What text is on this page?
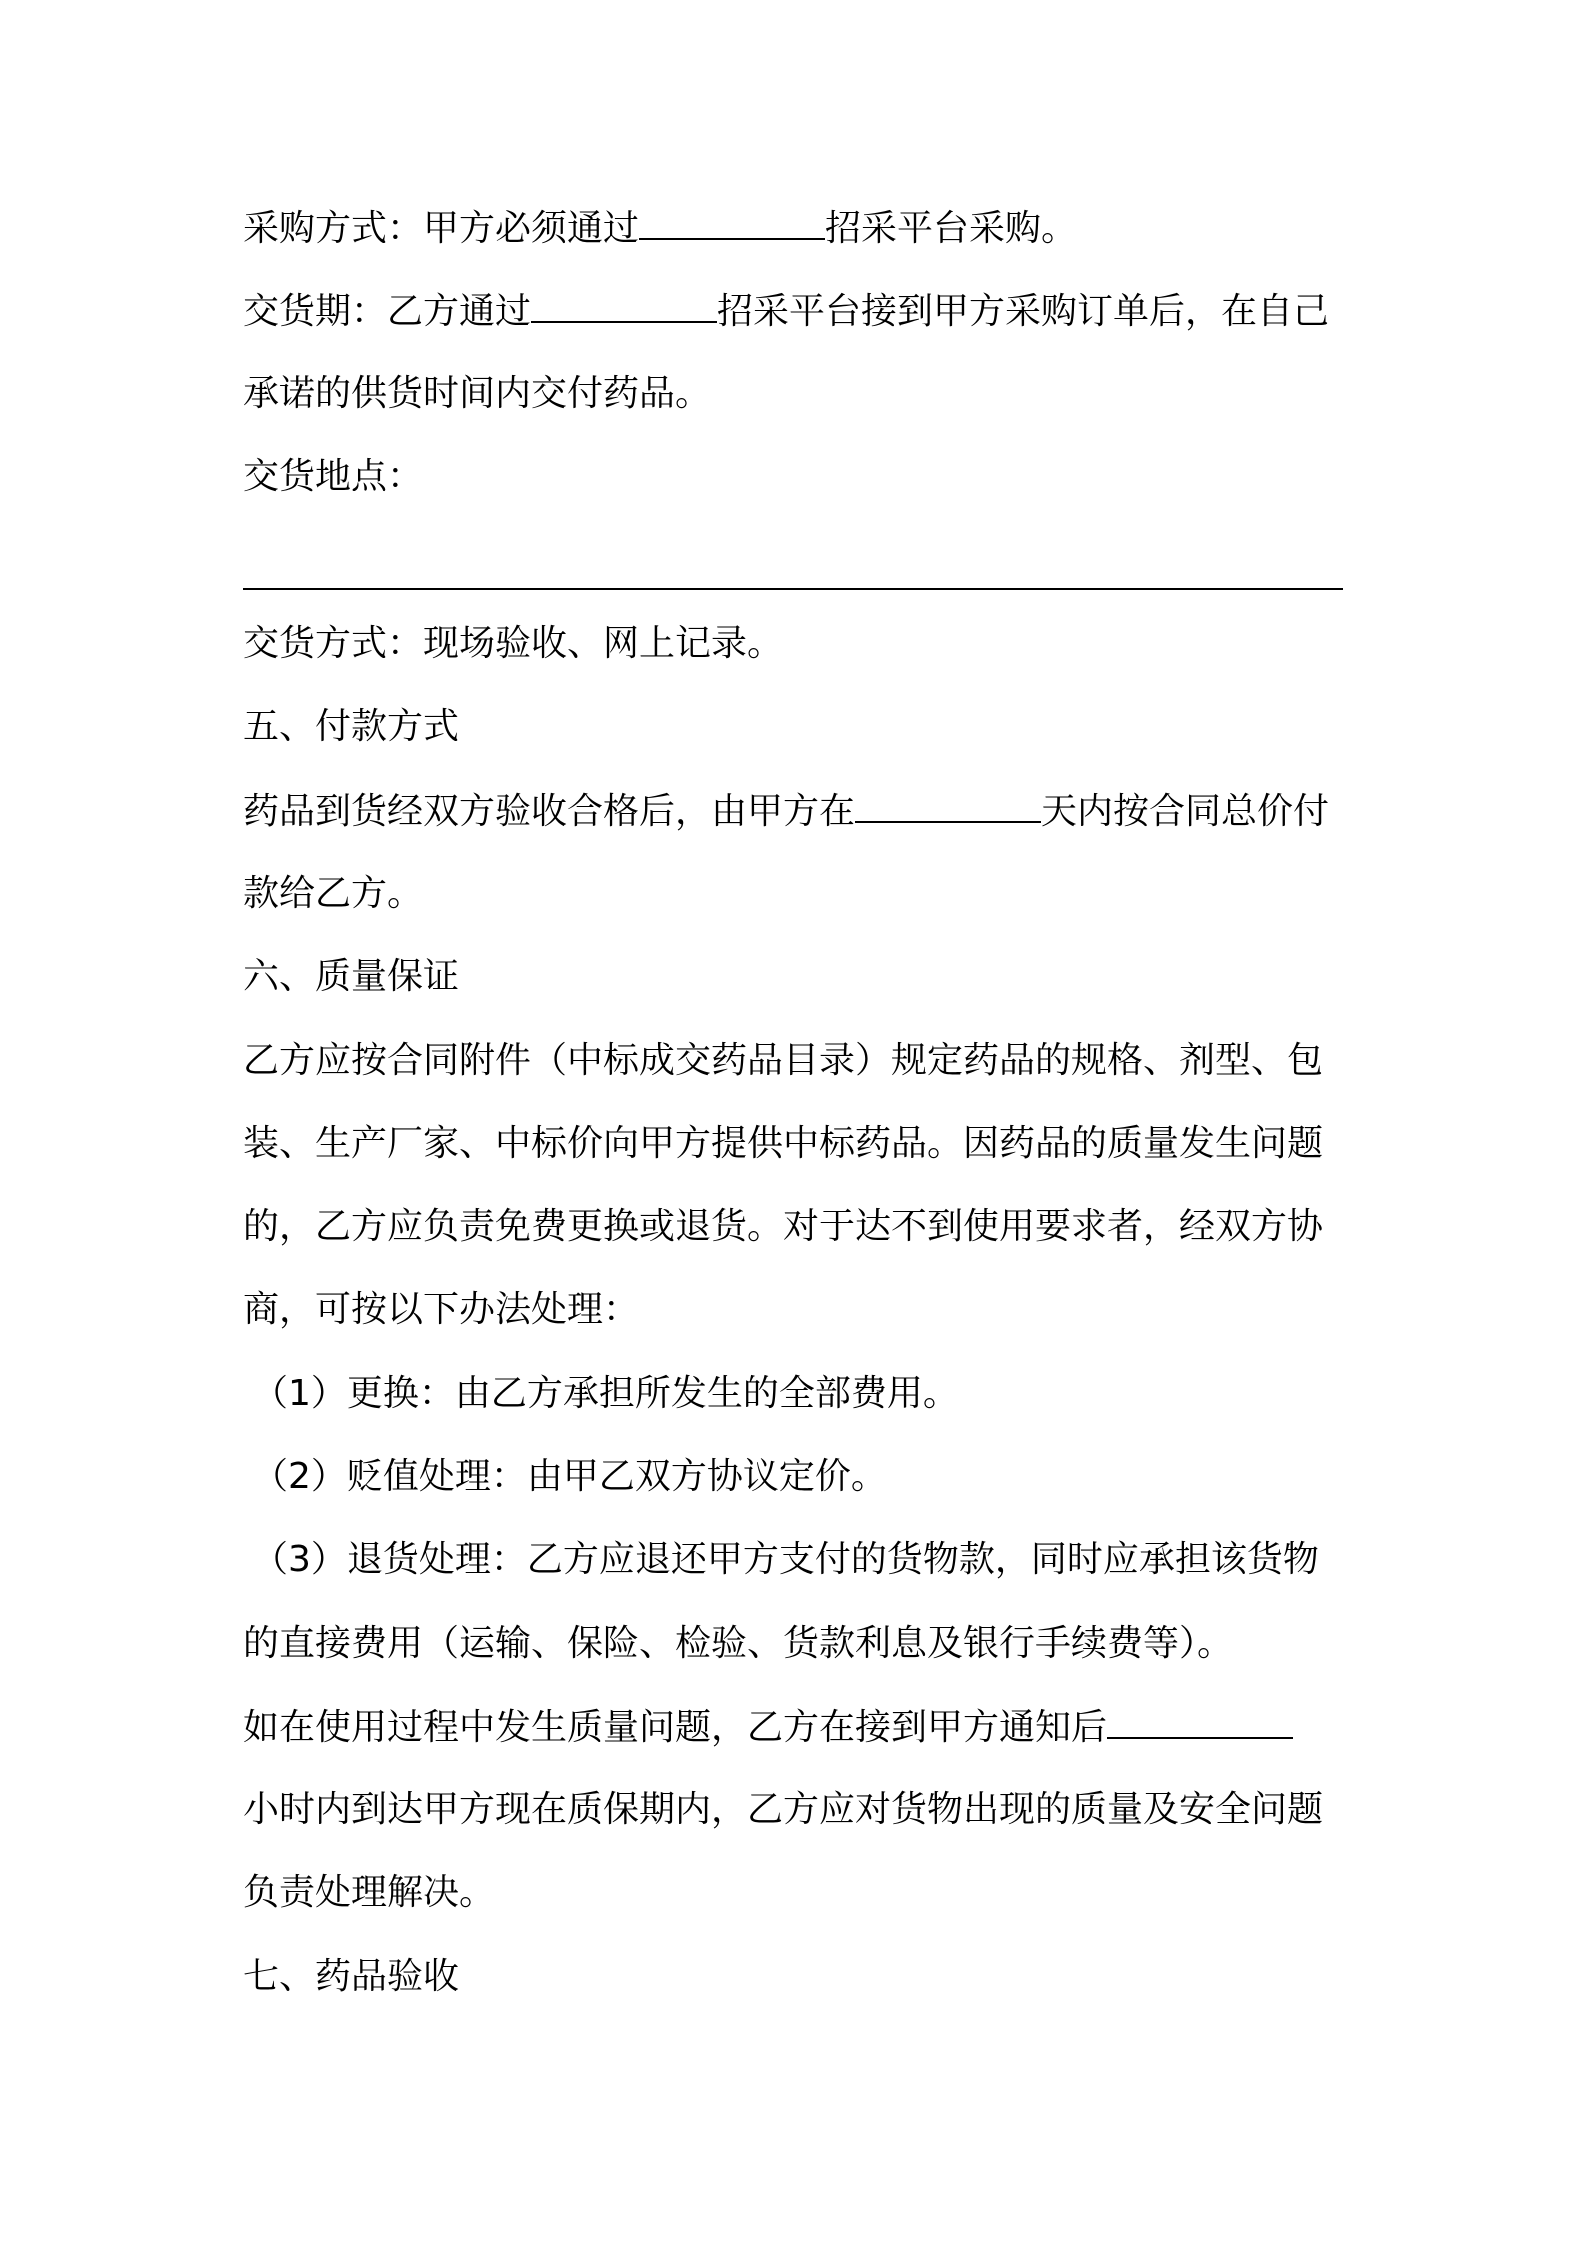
采购方式：甲方必须通过	招采平台采购。
交货期：乙方通过	招采平台接到甲方采购订单后，在自己
承诺的供货时间内交付药品。
交货地点：
交货方式：现场验收、网上记录。
五、付款方式
药品到货经双方验收合格后，由甲方在	天内按合同总价付
款给乙方。
六、质量保证
乙方应按合同附件（中标成交药品目录）规定药品的规格、剂型、包
装、生产厂家、中标价向甲方提供中标药品。因药品的质量发生问题
的，乙方应负责免费更换或退货。对于达不到使用要求者，经双方协
商，可按以下办法处理：
（1）更换：由乙方承担所发生的全部费用。
（2）贬值处理：由甲乙双方协议定价。
（3）退货处理：乙方应退还甲方支付的货物款，同时应承担该货物
的直接费用（运输、保险、检验、货款利息及银行手续费等）。
如在使用过程中发生质量问题，乙方在接到甲方通知后
小时内到达甲方现在质保期内，乙方应对货物出现的质量及安全问题
负责处理解决。
七、药品验收
